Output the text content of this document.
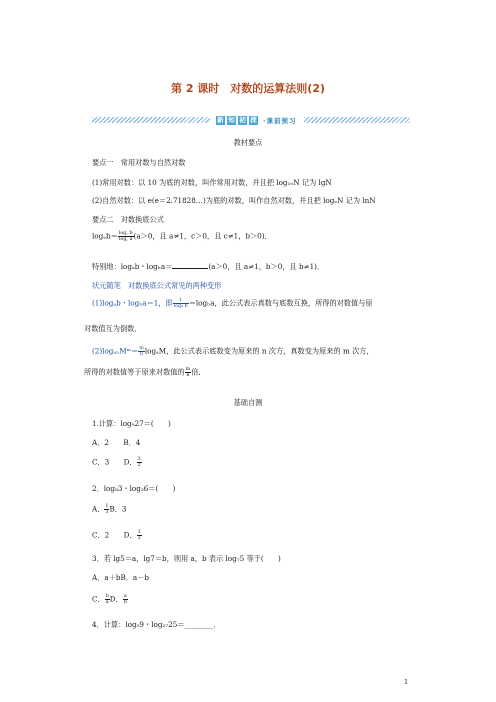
第 2 课时　对数的运算法则(2)
新 知 初 探 ·课前预习
教材要点
要点一　常用对数与自然对数
(1)常用对数：以 10 为底的对数，叫作常用对数，并且把 log₁₀N 记为 lgN
(2)自然对数：以 e(e＝2.71828…)为底的对数，叫作自然对数，并且把 logₑN 记为 lnN
要点二　对数换底公式
$\log_ab= \frac{\log꜀ b}{\log꜀ a} (a>0$，且 a≠1，c＞0，且 c≠1，b＞0)．
特别地：logₐb・logₕa＝	(a＞0，且 a≠1，b＞0，且 b≠1)．
状元随笔　对数换底公式常见的两种变形
(1)logₐb・logₕa＝1，即 $\frac{1}{\text{logₐ b}} =\log_ha$，此公式表示真数与底数互换，所得的对数值与原
对数值互为倒数．
(2)logₐₙMᵐ＝ $\frac{m}{n}$ logₐM，此公式表示底数变为原来的 n 次方，真数变为原来的 m 次方，
所得的对数值等于原来对数值的 $\frac{m}{n}$ 倍．
基础自测
1.计算：log₉27＝(　　)
A．2　　B．4
C．3　　D． $\frac{3}{2}$
2．log₈3・log₃6＝(　　)
A． $\frac{1}{3}$ B．3
C．2　　D． $\frac{1}{2}$
3．若 lg5＝a，lg7＝b，则用 a，b 表示 log₇5 等于(　　)
A．a＋bB．a－b
C． $\frac{b}{a}$ D． $\frac{a}{b}$
4．计算：log₅9・log₂₇25＝________．
1
